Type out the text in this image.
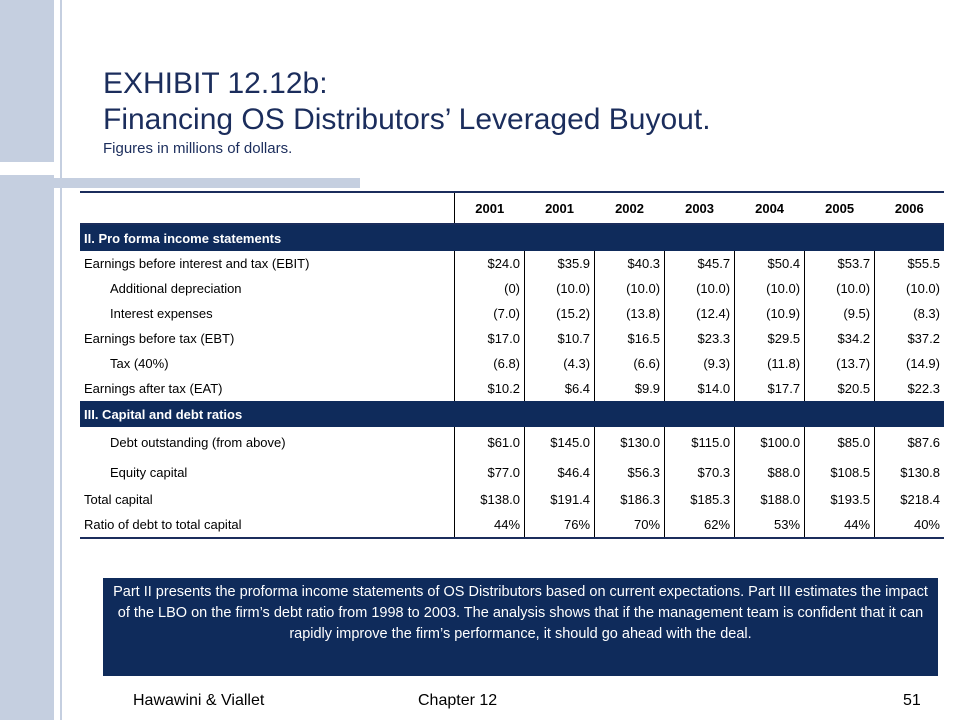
EXHIBIT 12.12b:
Financing OS Distributors’ Leveraged Buyout.
Figures in millions of dollars.
	2001	2001	2002	2003	2004	2005	2006
II. Pro forma income statements							
Earnings before interest and tax (EBIT)	$24.0	$35.9	$40.3	$45.7	$50.4	$53.7	$55.5
Additional depreciation	(0)	(10.0)	(10.0)	(10.0)	(10.0)	(10.0)	(10.0)
Interest expenses	(7.0)	(15.2)	(13.8)	(12.4)	(10.9)	(9.5)	(8.3)
Earnings before tax (EBT)	$17.0	$10.7	$16.5	$23.3	$29.5	$34.2	$37.2
Tax (40%)	(6.8)	(4.3)	(6.6)	(9.3)	(11.8)	(13.7)	(14.9)
Earnings after tax (EAT)	$10.2	$6.4	$9.9	$14.0	$17.7	$20.5	$22.3
III. Capital and debt ratios							
Debt outstanding (from above)	$61.0	$145.0	$130.0	$115.0	$100.0	$85.0	$87.6
Equity capital	$77.0	$46.4	$56.3	$70.3	$88.0	$108.5	$130.8
Total capital	$138.0	$191.4	$186.3	$185.3	$188.0	$193.5	$218.4
Ratio of debt to total capital	44%	76%	70%	62%	53%	44%	40%
Part II presents the proforma income statements of OS Distributors based on current expectations. Part III estimates the impact of the LBO on the firm’s debt ratio from 1998 to 2003. The analysis shows that if the management team is confident that it can rapidly improve the firm’s performance, it should go ahead with the deal.
Hawawini & Viallet	Chapter 12	51
